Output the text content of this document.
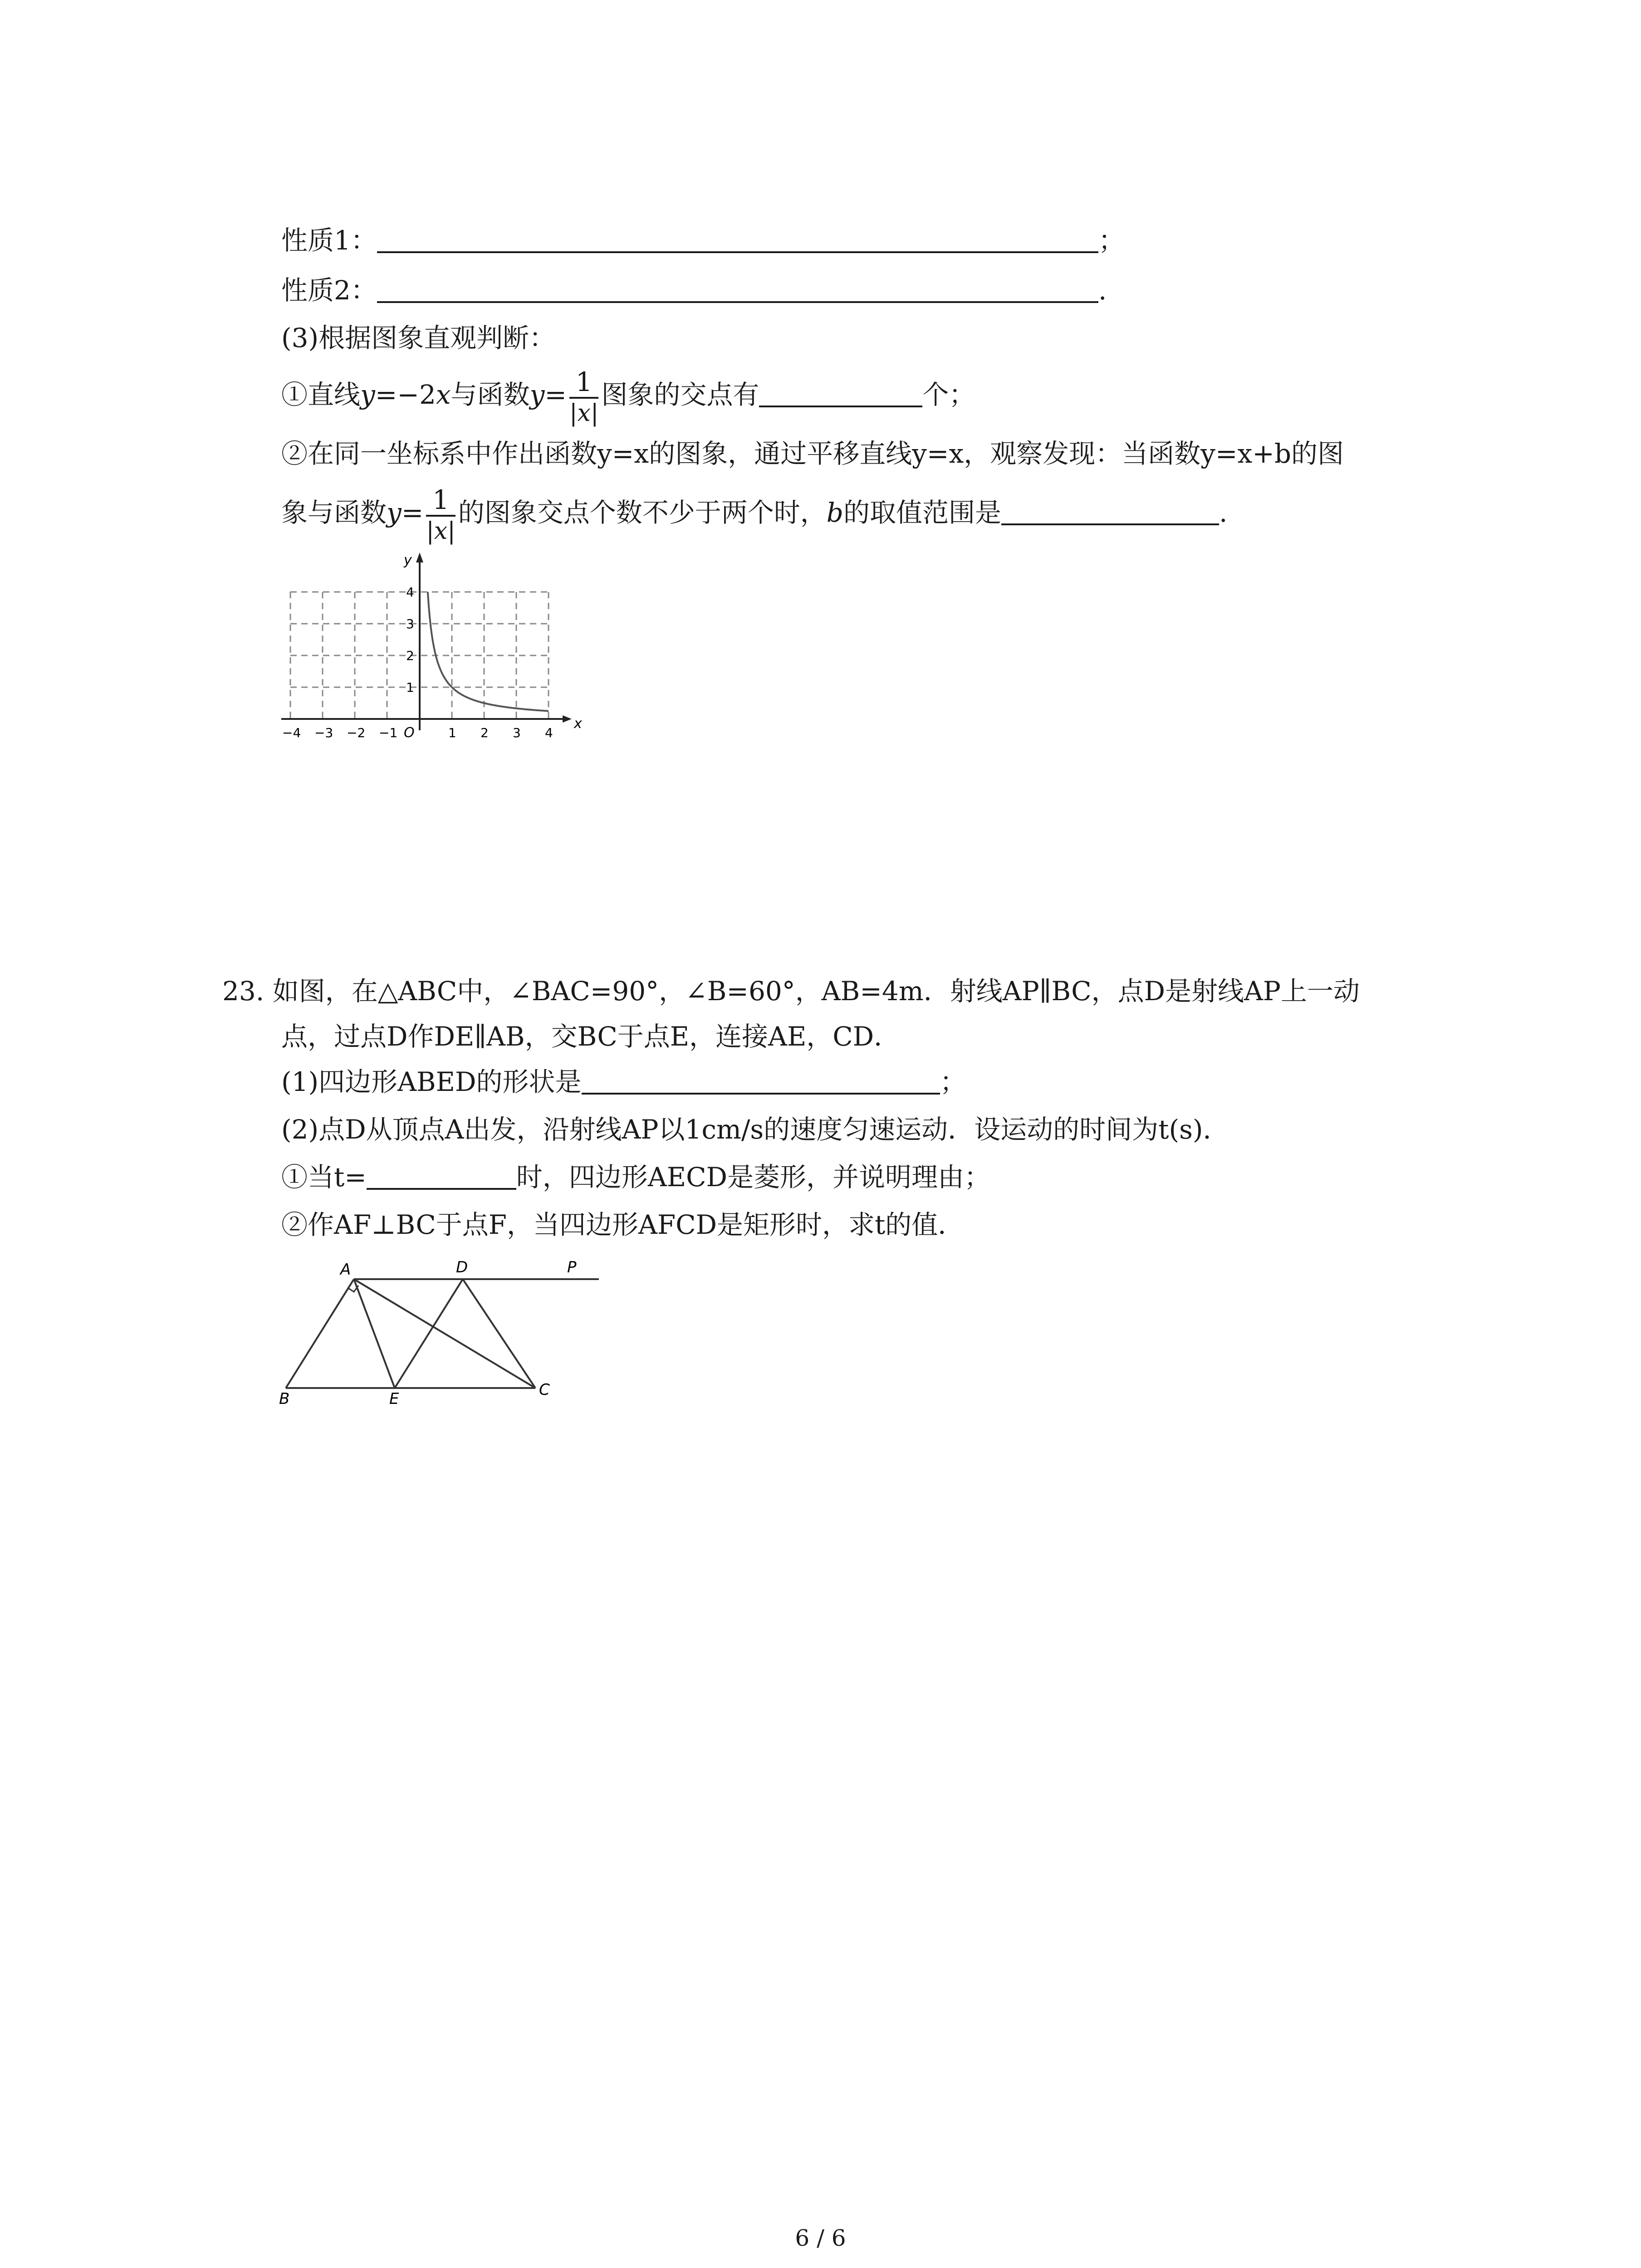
性质1：	；
性质2：	.
(3)根据图象直观判断：
①直线y=−2x与函数$y= \frac{1}{|x|}$ 图象的交点有	个；
②在同一坐标系中作出函数y=x的图象，通过平移直线y=x，观察发现：当函数y=x+b的图
象与函数$y= \frac{1}{|x|}$ 的图象交点个数不少于两个时，b的取值范围是	.
y
x
O
−4 −3 −2 −1	1 2 3 4
1
2
3
4
23. 如图，在△ABC中，∠BAC=90°，∠B=60°，AB=4m．射线AP∥BC，点D是射线AP上一动
点，过点D作DE∥AB，交BC于点E，连接AE，CD．
(1)四边形ABED的形状是	；
(2)点D从顶点A出发，沿射线AP以1cm/s的速度匀速运动．设运动的时间为t(s)．
①当t=	时，四边形AECD是菱形，并说明理由；
②作AF⊥BC于点F，当四边形AFCD是矩形时，求t的值．
A	D	P
B	E	C
6 / 6
